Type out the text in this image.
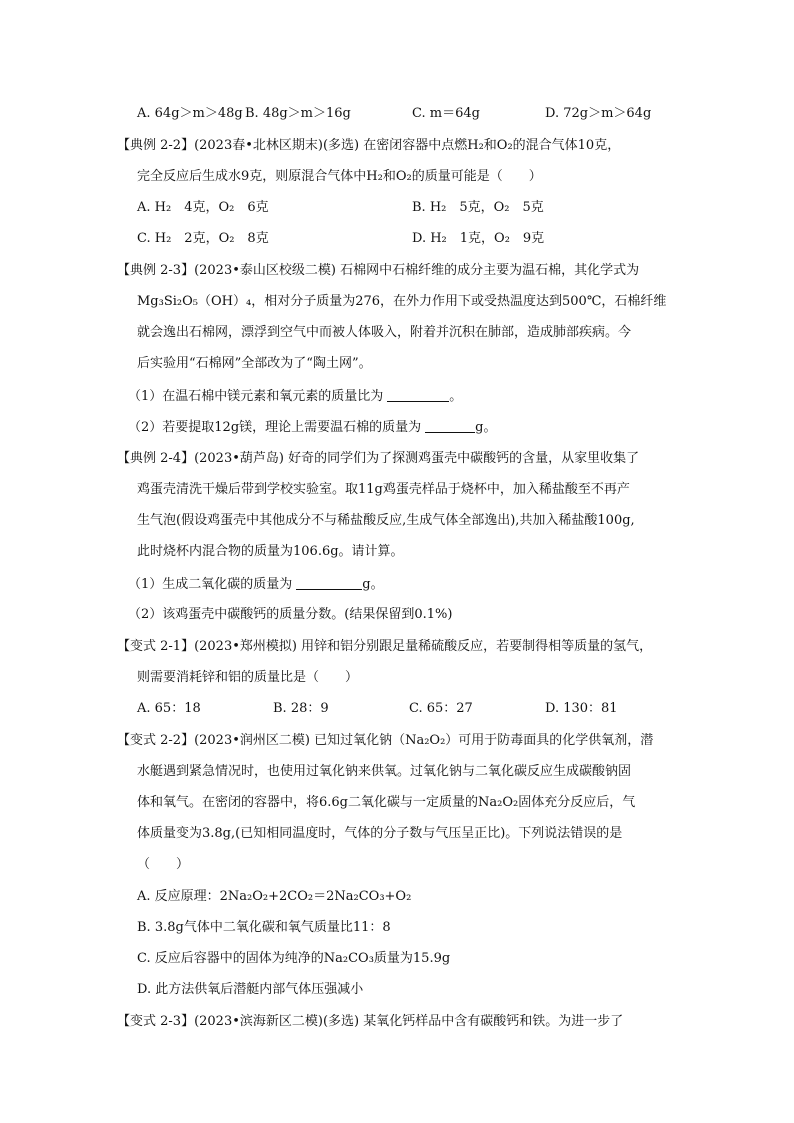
A. 64g＞m＞48g B. 48g＞m＞16g	C. m＝64g	D. 72g＞m＞64g
【典例 2-2】(2023春•北林区期末)(多选) 在密闭容器中点燃H₂和O₂的混合气体10克，
完全反应后生成水9克，则原混合气体中H₂和O₂的质量可能是（　　）
A. H₂　4克，O₂　6克	B. H₂　5克，O₂　5克
C. H₂　2克，O₂　8克	D. H₂　1克，O₂　9克
【典例 2-3】(2023•泰山区校级二模) 石棉网中石棉纤维的成分主要为温石棉，其化学式为
Mg₃Si₂O₅（OH）₄，相对分子质量为276，在外力作用下或受热温度达到500℃，石棉纤维
就会逸出石棉网，漂浮到空气中而被人体吸入，附着并沉积在肺部，造成肺部疾病。今
后实验用“石棉网”全部改为了“陶土网”。
（1）在温石棉中镁元素和氧元素的质量比为	。
（2）若要提取12g镁，理论上需要温石棉的质量为	g。
【典例 2-4】(2023•葫芦岛) 好奇的同学们为了探测鸡蛋壳中碳酸钙的含量，从家里收集了
鸡蛋壳清洗干燥后带到学校实验室。取11g鸡蛋壳样品于烧杯中，加入稀盐酸至不再产
生气泡(假设鸡蛋壳中其他成分不与稀盐酸反应,生成气体全部逸出),共加入稀盐酸100g,
此时烧杯内混合物的质量为106.6g。请计算。
（1）生成二氧化碳的质量为	g。
（2）该鸡蛋壳中碳酸钙的质量分数。(结果保留到0.1%)
【变式 2-1】(2023•郑州模拟) 用锌和铝分别跟足量稀硫酸反应，若要制得相等质量的氢气，
则需要消耗锌和铝的质量比是（　　）
A. 65：18	B. 28：9	C. 65：27	D. 130：81
【变式 2-2】(2023•润州区二模) 已知过氧化钠（Na₂O₂）可用于防毒面具的化学供氧剂，潜
水艇遇到紧急情况时，也使用过氧化钠来供氧。过氧化钠与二氧化碳反应生成碳酸钠固
体和氧气。在密闭的容器中，将6.6g二氧化碳与一定质量的Na₂O₂固体充分反应后，气
体质量变为3.8g,(已知相同温度时，气体的分子数与气压呈正比)。下列说法错误的是
（　　）
A. 反应原理：2Na₂O₂+2CO₂＝2Na₂CO₃+O₂
B. 3.8g气体中二氧化碳和氧气质量比11：8
C. 反应后容器中的固体为纯净的Na₂CO₃质量为15.9g
D. 此方法供氧后潜艇内部气体压强减小
【变式 2-3】(2023•滨海新区二模)(多选) 某氧化钙样品中含有碳酸钙和铁。为进一步了
